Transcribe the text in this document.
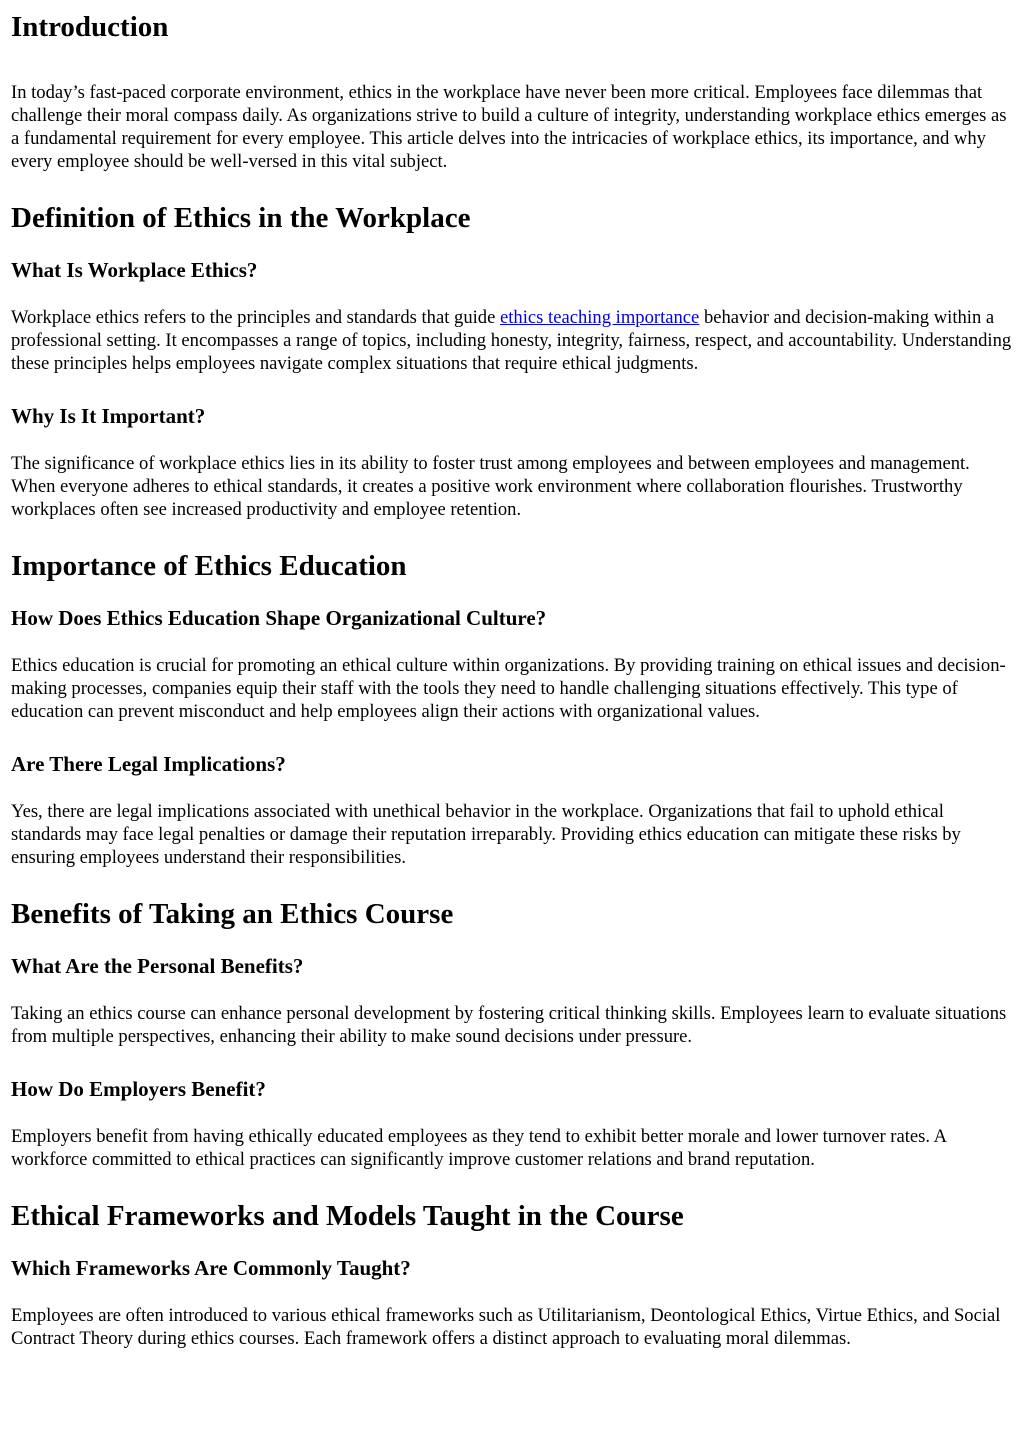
Introduction

In today’s fast-paced corporate environment, ethics in the workplace have never been more critical. Employees face dilemmas that challenge their moral compass daily. As organizations strive to build a culture of integrity, understanding workplace ethics emerges as a fundamental requirement for every employee. This article delves into the intricacies of workplace ethics, its importance, and why every employee should be well-versed in this vital subject.

Definition of Ethics in the Workplace
What Is Workplace Ethics?

Workplace ethics refers to the principles and standards that guide ethics teaching importance behavior and decision-making within a professional setting. It encompasses a range of topics, including honesty, integrity, fairness, respect, and accountability. Understanding these principles helps employees navigate complex situations that require ethical judgments.

Why Is It Important?

The significance of workplace ethics lies in its ability to foster trust among employees and between employees and management. When everyone adheres to ethical standards, it creates a positive work environment where collaboration flourishes. Trustworthy workplaces often see increased productivity and employee retention.

Importance of Ethics Education
How Does Ethics Education Shape Organizational Culture?

Ethics education is crucial for promoting an ethical culture within organizations. By providing training on ethical issues and decision-making processes, companies equip their staff with the tools they need to handle challenging situations effectively. This type of education can prevent misconduct and help employees align their actions with organizational values.

Are There Legal Implications?

Yes, there are legal implications associated with unethical behavior in the workplace. Organizations that fail to uphold ethical standards may face legal penalties or damage their reputation irreparably. Providing ethics education can mitigate these risks by ensuring employees understand their responsibilities.

Benefits of Taking an Ethics Course
What Are the Personal Benefits?

Taking an ethics course can enhance personal development by fostering critical thinking skills. Employees learn to evaluate situations from multiple perspectives, enhancing their ability to make sound decisions under pressure.

How Do Employers Benefit?

Employers benefit from having ethically educated employees as they tend to exhibit better morale and lower turnover rates. A workforce committed to ethical practices can significantly improve customer relations and brand reputation.

Ethical Frameworks and Models Taught in the Course
Which Frameworks Are Commonly Taught?

Employees are often introduced to various ethical frameworks such as Utilitarianism, Deontological Ethics, Virtue Ethics, and Social Contract Theory during ethics courses. Each framework offers a distinct approach to evaluating moral dilemmas.
